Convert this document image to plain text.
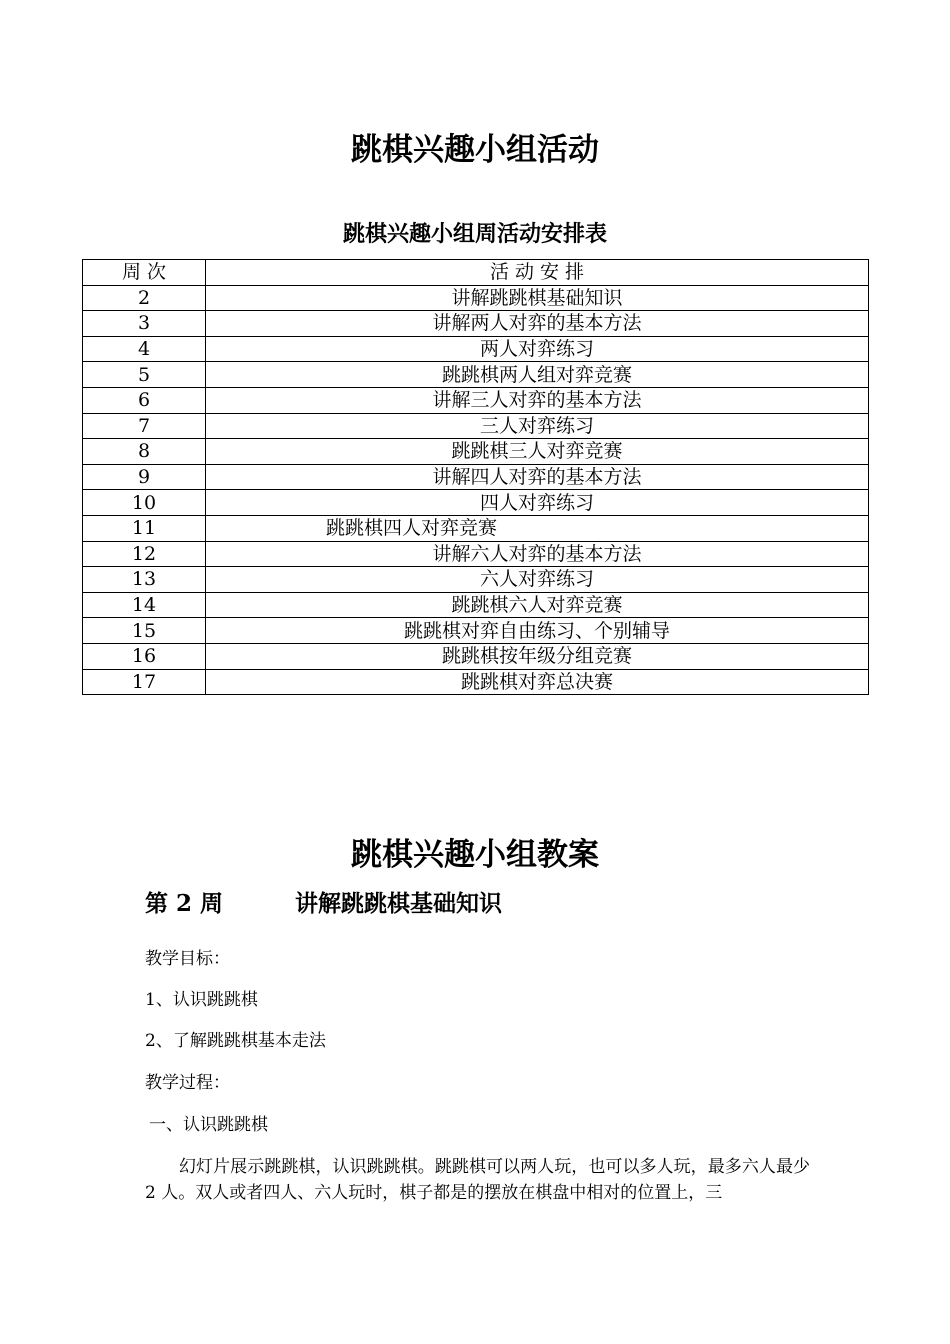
跳棋兴趣小组活动
跳棋兴趣小组周活动安排表
周 次	活 动 安 排
2	讲解跳跳棋基础知识
3	讲解两人对弈的基本方法
4	两人对弈练习
5	跳跳棋两人组对弈竞赛
6	讲解三人对弈的基本方法
7	三人对弈练习
8	跳跳棋三人对弈竞赛
9	讲解四人对弈的基本方法
10	四人对弈练习
11	跳跳棋四人对弈竞赛
12	讲解六人对弈的基本方法
13	六人对弈练习
14	跳跳棋六人对弈竞赛
15	跳跳棋对弈自由练习、个别辅导
16	跳跳棋按年级分组竞赛
17	跳跳棋对弈总决赛
跳棋兴趣小组教案
第 2 周	讲解跳跳棋基础知识
教学目标：
1、认识跳跳棋
2、了解跳跳棋基本走法
教学过程：
一、认识跳跳棋
幻灯片展示跳跳棋，认识跳跳棋。跳跳棋可以两人玩，也可以多人玩，最多六人最少 2 人。双人或者四人、六人玩时，棋子都是的摆放在棋盘中相对的位置上，三
